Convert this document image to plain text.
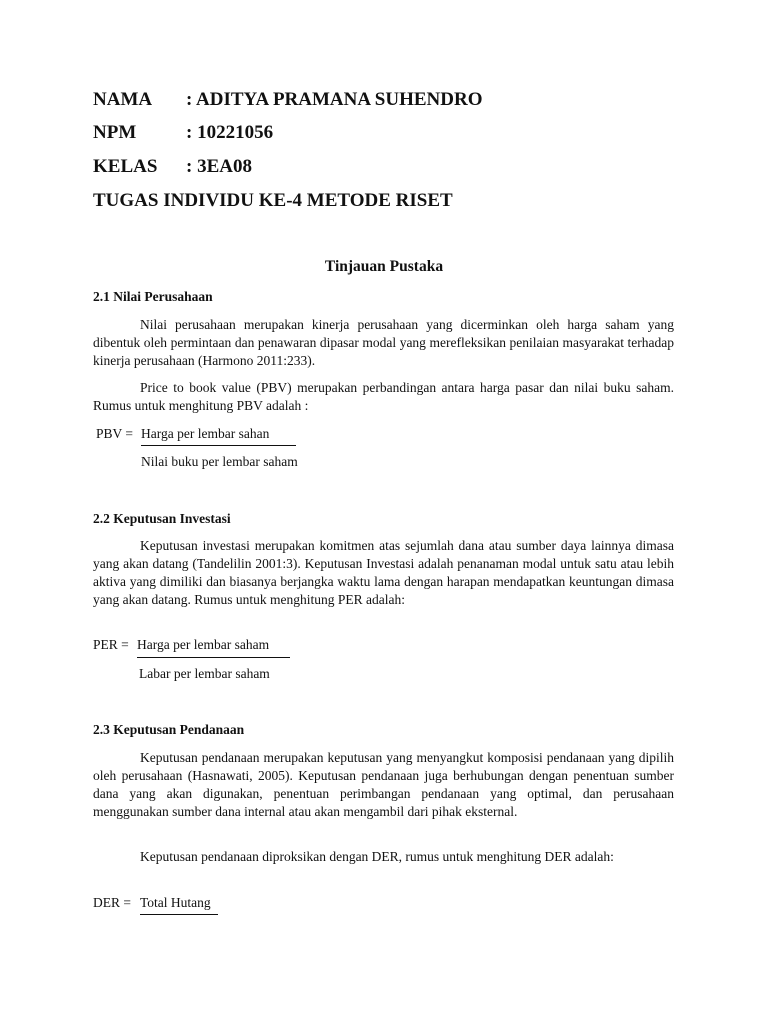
NAMA : ADITYA PRAMANA SUHENDRO
NPM	: 10221056
KELAS : 3EA08
TUGAS INDIVIDU KE-4 METODE RISET
Tinjauan Pustaka
2.1 Nilai Perusahaan

Nilai perusahaan merupakan kinerja perusahaan yang dicerminkan oleh harga saham yang dibentuk oleh permintaan dan penawaran dipasar modal yang merefleksikan penilaian masyarakat terhadap kinerja perusahaan (Harmono 2011:233).

Price to book value (PBV) merupakan perbandingan antara harga pasar dan nilai buku saham. Rumus untuk menghitung PBV adalah :

PBV = Harga per lembar sahan
Nilai buku per lembar saham
2.2 Keputusan Investasi

Keputusan investasi merupakan komitmen atas sejumlah dana atau sumber daya lainnya dimasa yang akan datang (Tandelilin 2001:3). Keputusan Investasi adalah penanaman modal untuk satu atau lebih aktiva yang dimiliki dan biasanya berjangka waktu lama dengan harapan mendapatkan keuntungan dimasa yang akan datang. Rumus untuk menghitung PER adalah:

PER = Harga per lembar saham
Labar per lembar saham
2.3 Keputusan Pendanaan

Keputusan pendanaan merupakan keputusan yang menyangkut komposisi pendanaan yang dipilih oleh perusahaan (Hasnawati, 2005). Keputusan pendanaan juga berhubungan dengan penentuan sumber dana yang akan digunakan, penentuan perimbangan pendanaan yang optimal, dan perusahaan menggunakan sumber dana internal atau akan mengambil dari pihak eksternal.

Keputusan pendanaan diproksikan dengan DER, rumus untuk menghitung DER adalah:

DER = Total Hutang
